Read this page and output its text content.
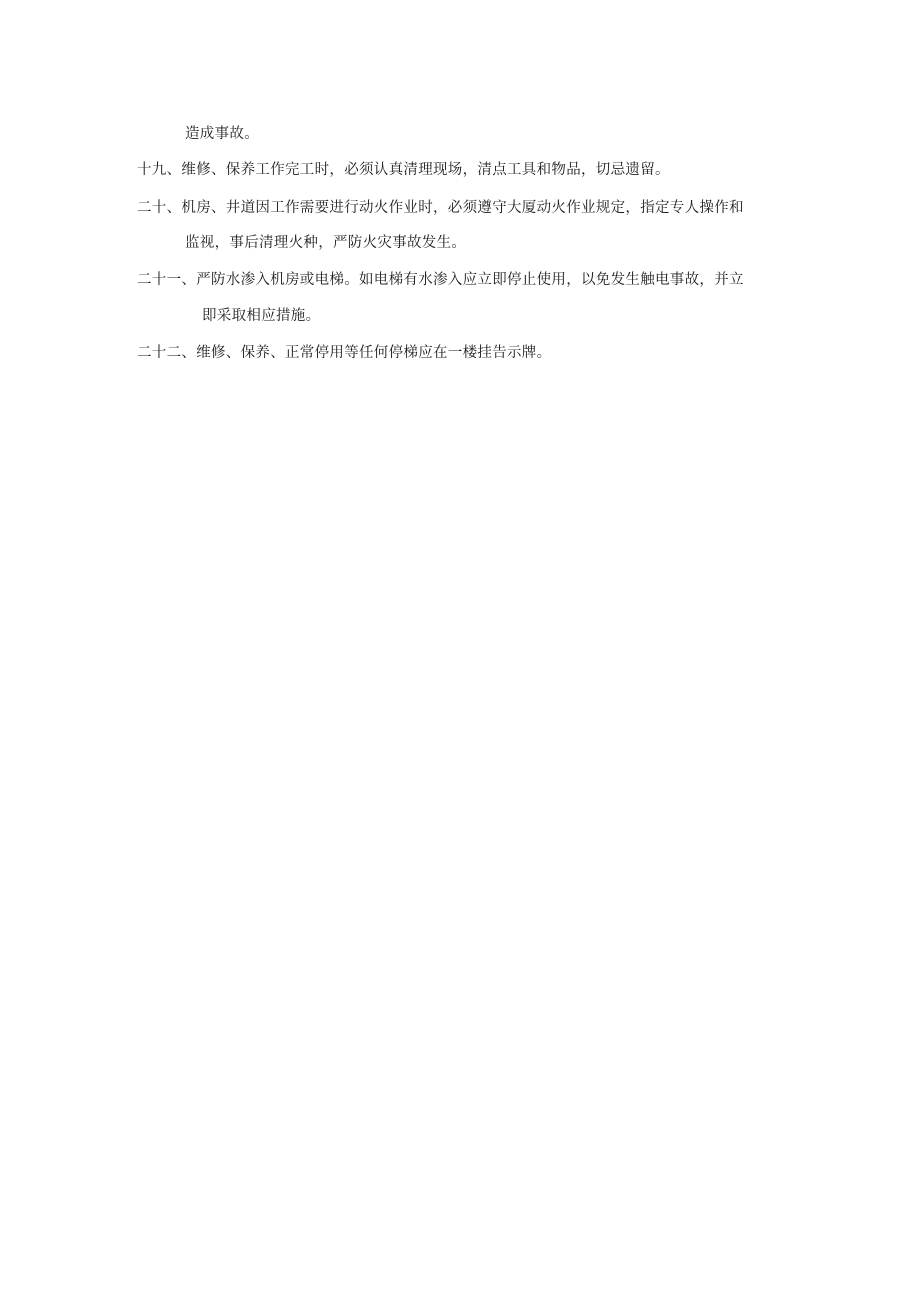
造成事故。
十九、维修、保养工作完工时，必须认真清理现场，清点工具和物品，切忌遗留。
二十、机房、井道因工作需要进行动火作业时，必须遵守大厦动火作业规定，指定专人操作和
监视，事后清理火种，严防火灾事故发生。
二十一、严防水渗入机房或电梯。如电梯有水渗入应立即停止使用，以免发生触电事故，并立
即采取相应措施。
二十二、维修、保养、正常停用等任何停梯应在一楼挂告示牌。
